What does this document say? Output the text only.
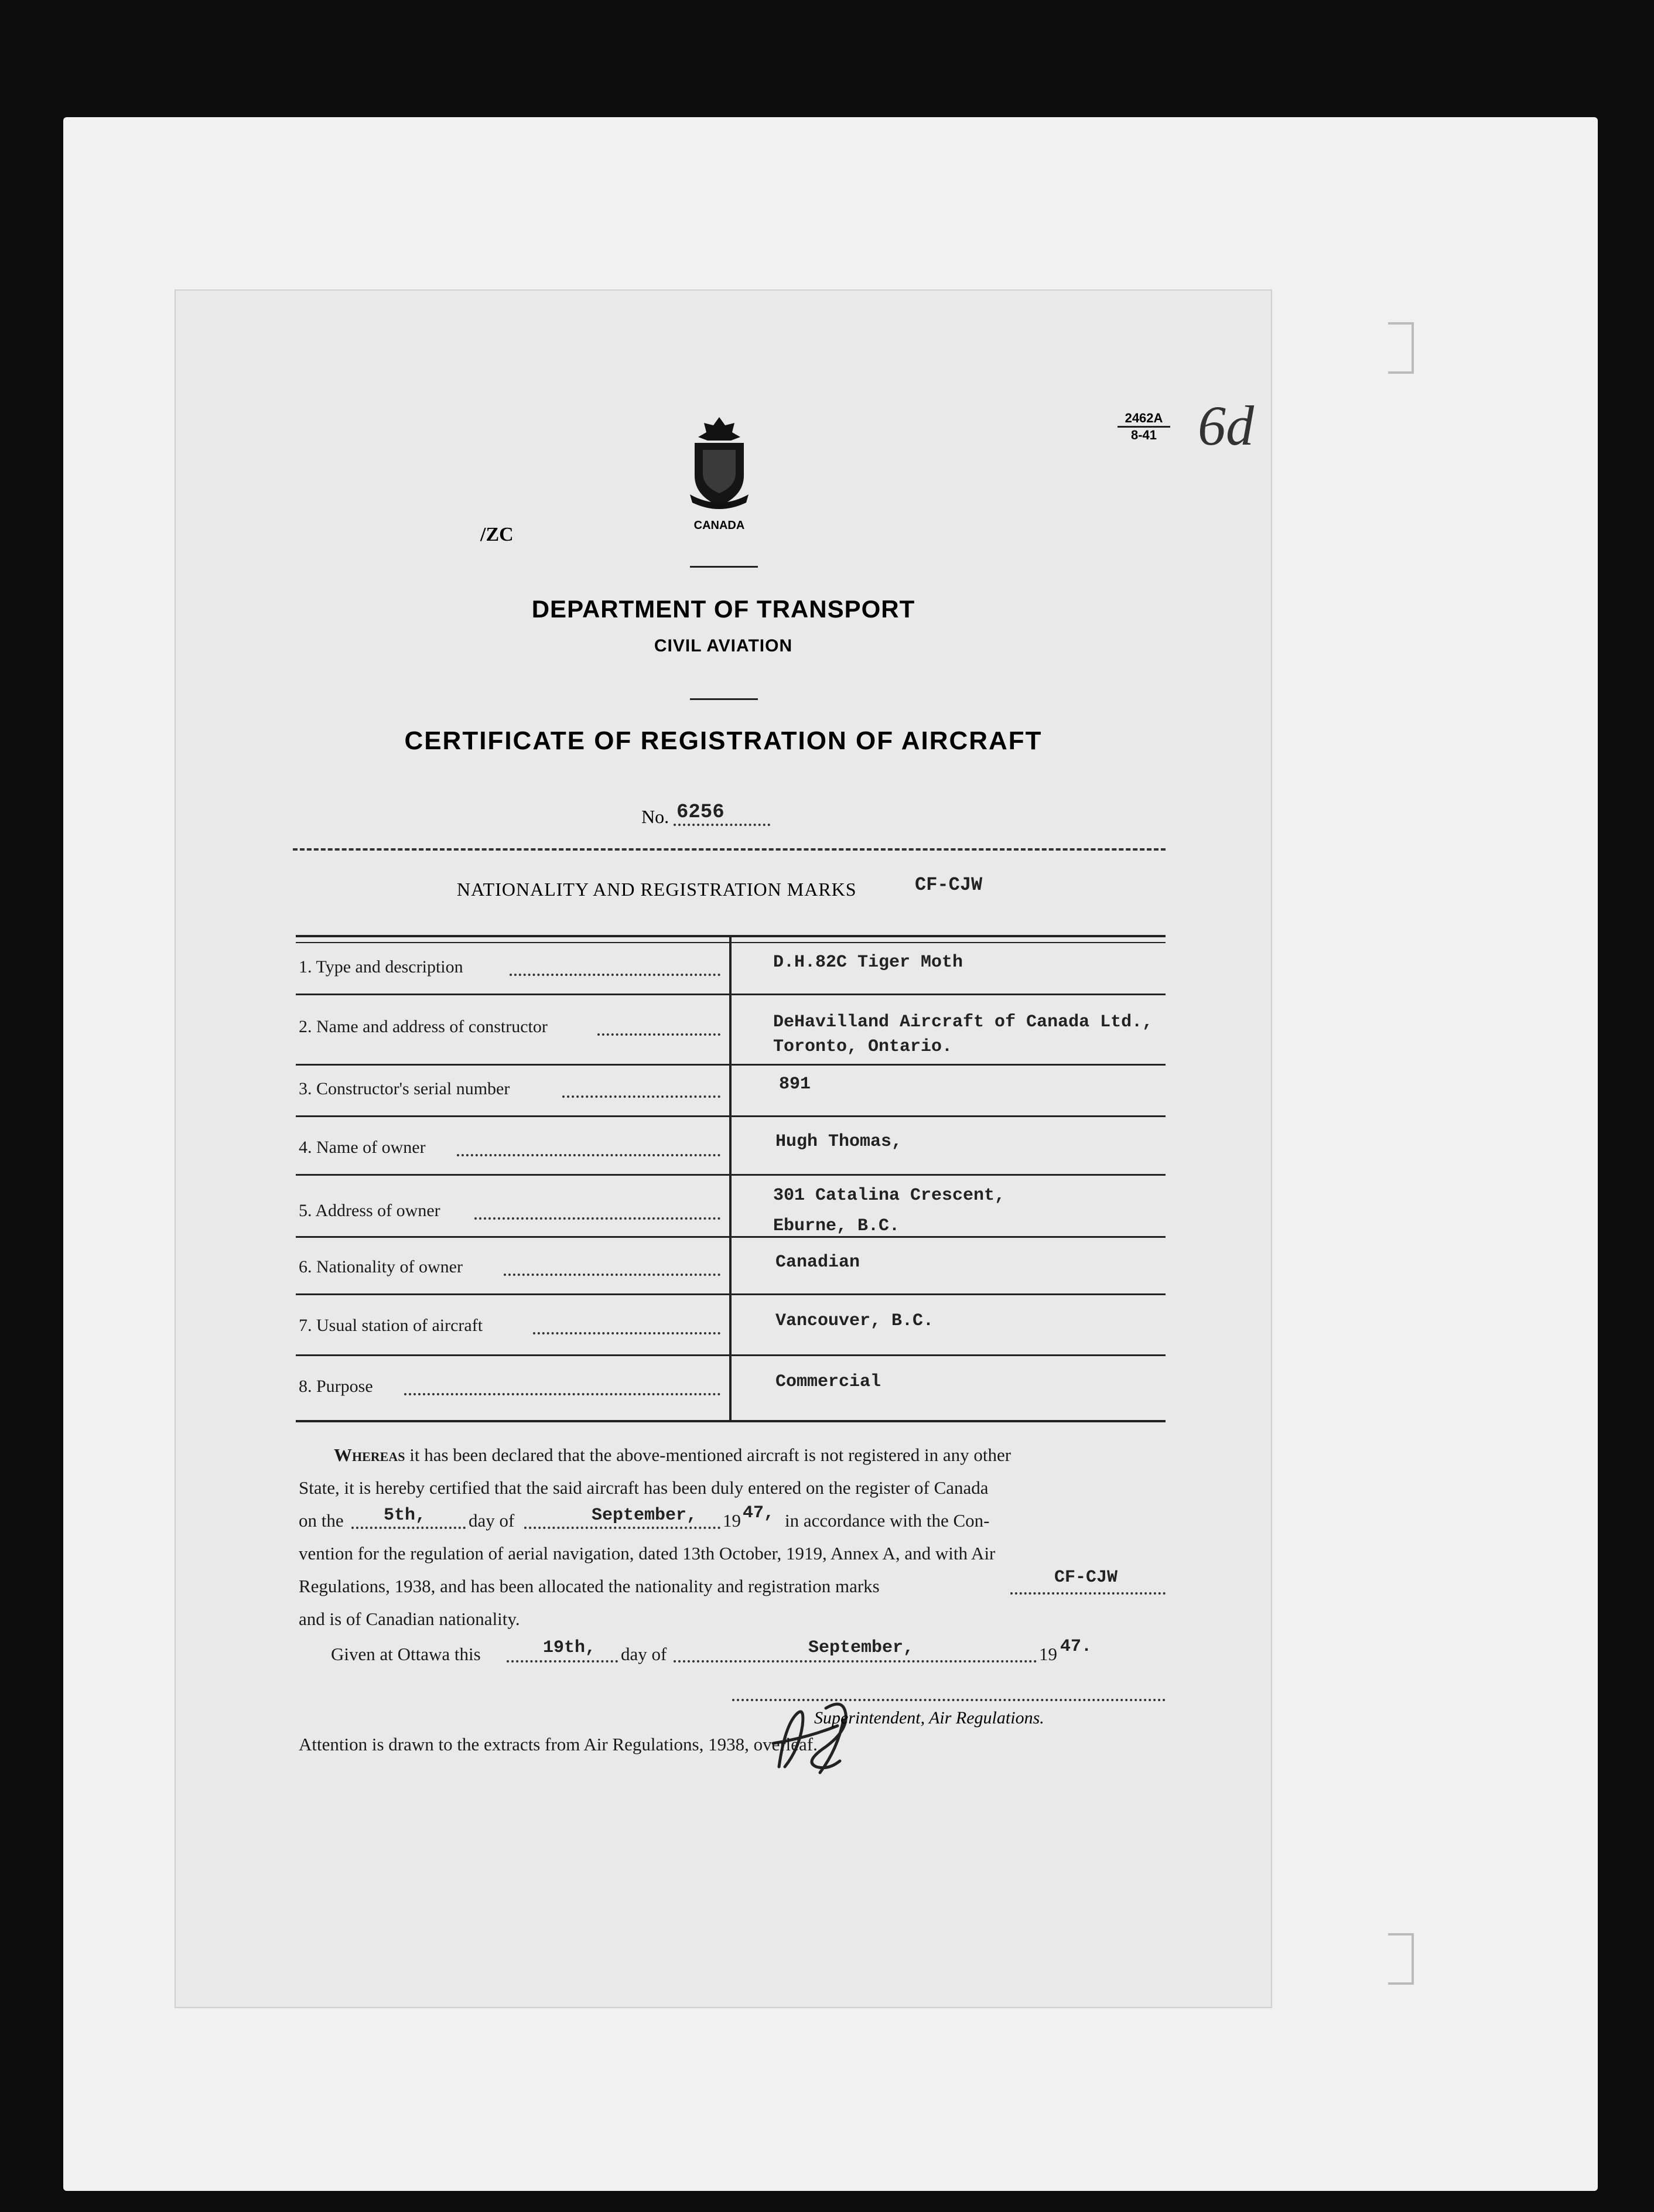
2462A
8-41 6d
CANADA
/ZC
DEPARTMENT OF TRANSPORT
CIVIL AVIATION
CERTIFICATE OF REGISTRATION OF AIRCRAFT
No. 6256
NATIONALITY AND REGISTRATION MARKS	CF-CJW
1. Type and description	D.H.82C Tiger Moth
2. Name and address of constructor	DeHavilland Aircraft of Canada Ltd.,
Toronto, Ontario.
3. Constructor's serial number	891
4. Name of owner	Hugh Thomas,
5. Address of owner
301 Catalina Crescent,
Eburne, B.C.
6. Nationality of owner	Canadian
7. Usual station of aircraft	Vancouver, B.C.
8. Purpose	Commercial
Whereas it has been declared that the above-mentioned aircraft is not registered in any other
State, it is hereby certified that the said aircraft has been duly entered on the register of Canada
on the 5th, day of	September, 19 47, in accordance with the Con-
vention for the regulation of aerial navigation, dated 13th October, 1919, Annex A, and with Air
Regulations, 1938, and has been allocated the nationality and registration marks	CF-CJW
and is of Canadian nationality.
Given at Ottawa this	19th, day of	September,	19 47.
Superintendent, Air Regulations.
Attention is drawn to the extracts from Air Regulations, 1938, overleaf.
